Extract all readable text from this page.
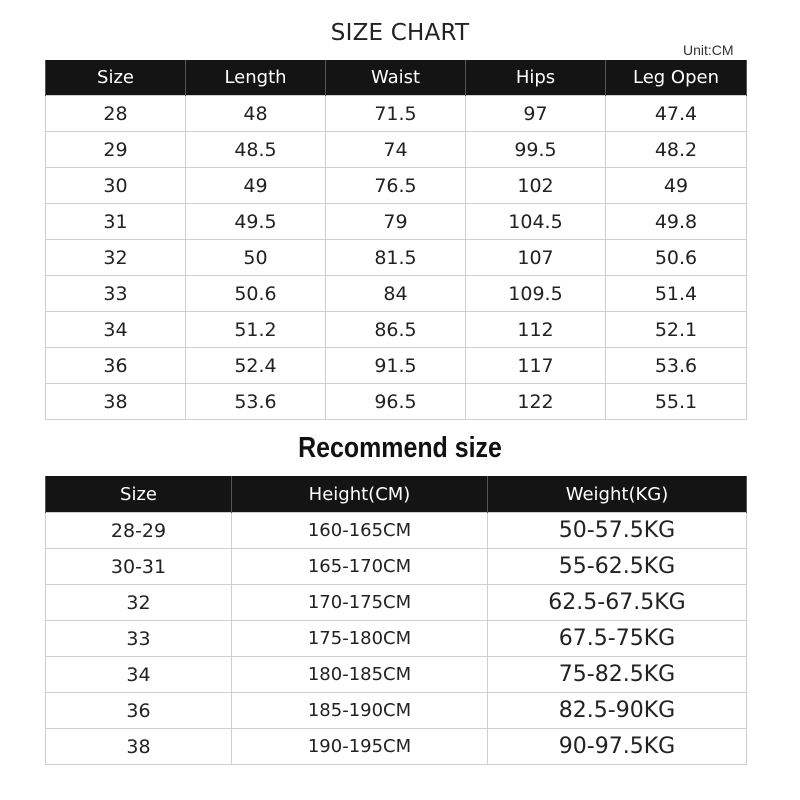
SIZE CHART
Unit:CM
Size	Length	Waist	Hips	Leg Open
28	48	71.5	97	47.4
29	48.5	74	99.5	48.2
30	49	76.5	102	49
31	49.5	79	104.5	49.8
32	50	81.5	107	50.6
33	50.6	84	109.5	51.4
34	51.2	86.5	112	52.1
36	52.4	91.5	117	53.6
38	53.6	96.5	122	55.1
Recommend size
Size	Height(CM)	Weight(KG)
28-29	160-165CM	50-57.5KG
30-31	165-170CM	55-62.5KG
32	170-175CM	62.5-67.5KG
33	175-180CM	67.5-75KG
34	180-185CM	75-82.5KG
36	185-190CM	82.5-90KG
38	190-195CM	90-97.5KG
